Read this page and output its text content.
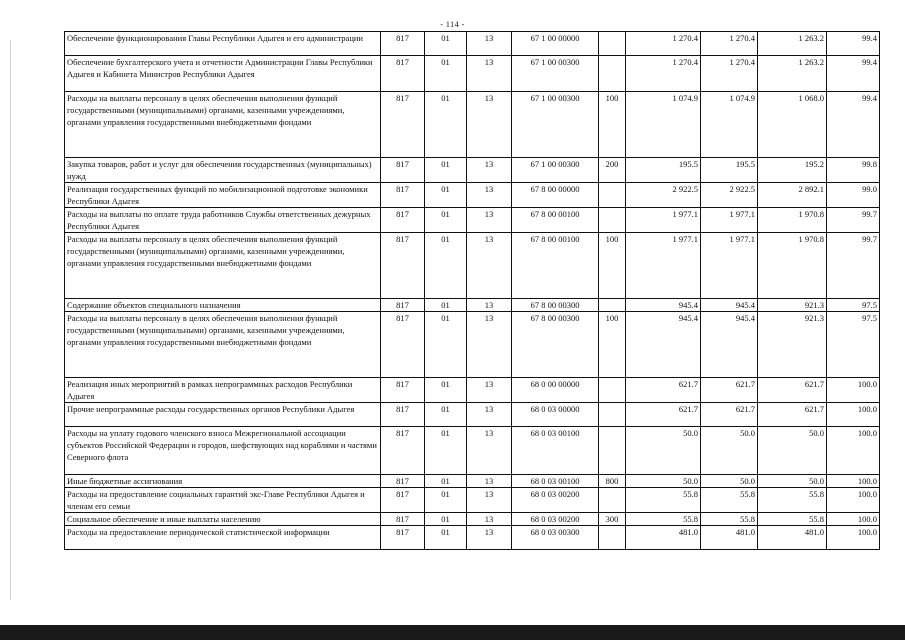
- 114 -
Обеспечение функционирования Главы Республики Адыгея и его администрации	817	01	13	67 1 00 00000		1 270.4	1 270.4	1 263.2	99.4
Обеспечение бухгалтерского учета и отчетности Администрации Главы Республики Адыгея и Кабинета Министров Республики Адыгея	817	01	13	67 1 00 00300		1 270.4	1 270.4	1 263.2	99.4
Расходы на выплаты персоналу в целях обеспечения выполнения функций государственными (муниципальными) органами, казенными учреждениями, органами управления государственными внебюджетными фондами	817	01	13	67 1 00 00300	100	1 074.9	1 074.9	1 068.0	99.4
Закупка товаров, работ и услуг для обеспечения государственных (муниципальных) нужд	817	01	13	67 1 00 00300	200	195.5	195.5	195.2	99.8
Реализация государственных функций по мобилизационной подготовке экономики Республики Адыгея	817	01	13	67 8 00 00000		2 922.5	2 922.5	2 892.1	99.0
Расходы на выплаты по оплате труда работников Службы ответственных дежурных Республики Адыгея	817	01	13	67 8 00 00100		1 977.1	1 977.1	1 970.8	99.7
Расходы на выплаты персоналу в целях обеспечения выполнения функций государственными (муниципальными) органами, казенными учреждениями, органами управления государственными внебюджетными фондами	817	01	13	67 8 00 00100	100	1 977.1	1 977.1	1 970.8	99.7
Содержание объектов специального назначения	817	01	13	67 8 00 00300		945.4	945.4	921.3	97.5
Расходы на выплаты персоналу в целях обеспечения выполнения функций государственными (муниципальными) органами, казенными учреждениями, органами управления государственными внебюджетными фондами	817	01	13	67 8 00 00300	100	945.4	945.4	921.3	97.5
Реализация иных мероприятий в рамках непрограммных расходов Республики Адыгея	817	01	13	68 0 00 00000		621.7	621.7	621.7	100.0
Прочие непрограммные расходы государственных органов Республики Адыгея	817	01	13	68 0 03 00000		621.7	621.7	621.7	100.0
Расходы на уплату годового членского взноса Межрегиональной ассоциации субъектов Российской Федерации и городов, шефствующих над кораблями и частями Северного флота	817	01	13	68 0 03 00100		50.0	50.0	50.0	100.0
Иные бюджетные ассигнования	817	01	13	68 0 03 00100	800	50.0	50.0	50.0	100.0
Расходы на предоставление социальных гарантий экс-Главе Республики Адыгея и членам его семьи	817	01	13	68 0 03 00200		55.8	55.8	55.8	100.0
Социальное обеспечение и иные выплаты населению	817	01	13	68 0 03 00200	300	55.8	55.8	55.8	100.0
Расходы на предоставление периодической статистической информации	817	01	13	68 0 03 00300		481.0	481.0	481.0	100.0
